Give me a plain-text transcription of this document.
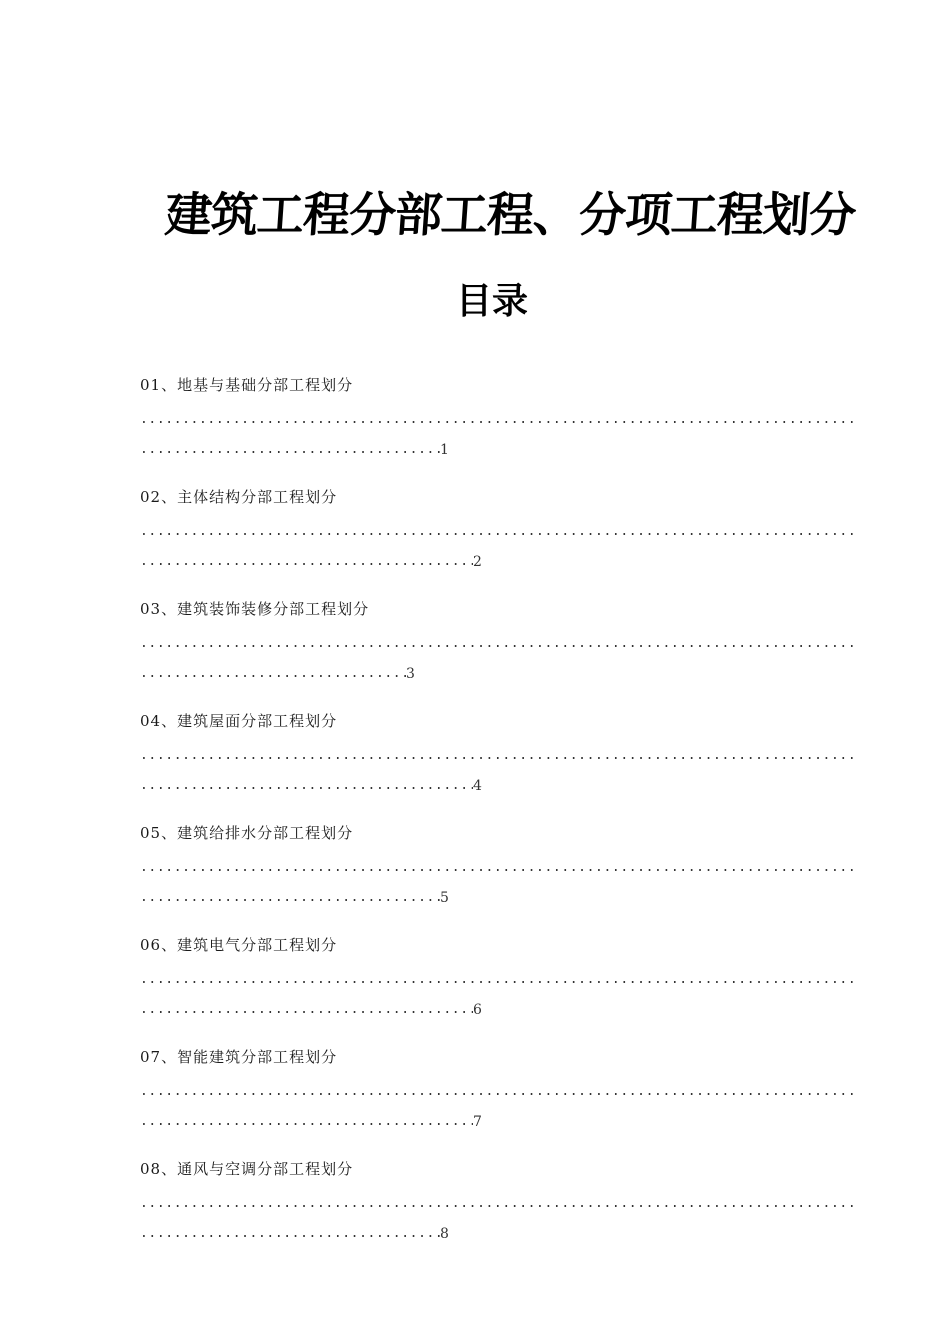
建筑工程分部工程、分项工程划分
目录
01、地基与基础分部工程划分
.....
.....1
02、主体结构分部工程划分
.....
.....2
03、建筑装饰装修分部工程划分
.....
.....3
04、建筑屋面分部工程划分
.....
.....4
05、建筑给排水分部工程划分
.....
.....5
06、建筑电气分部工程划分
.....
.....6
07、智能建筑分部工程划分
.....
.....7
08、通风与空调分部工程划分
.....
.....8
